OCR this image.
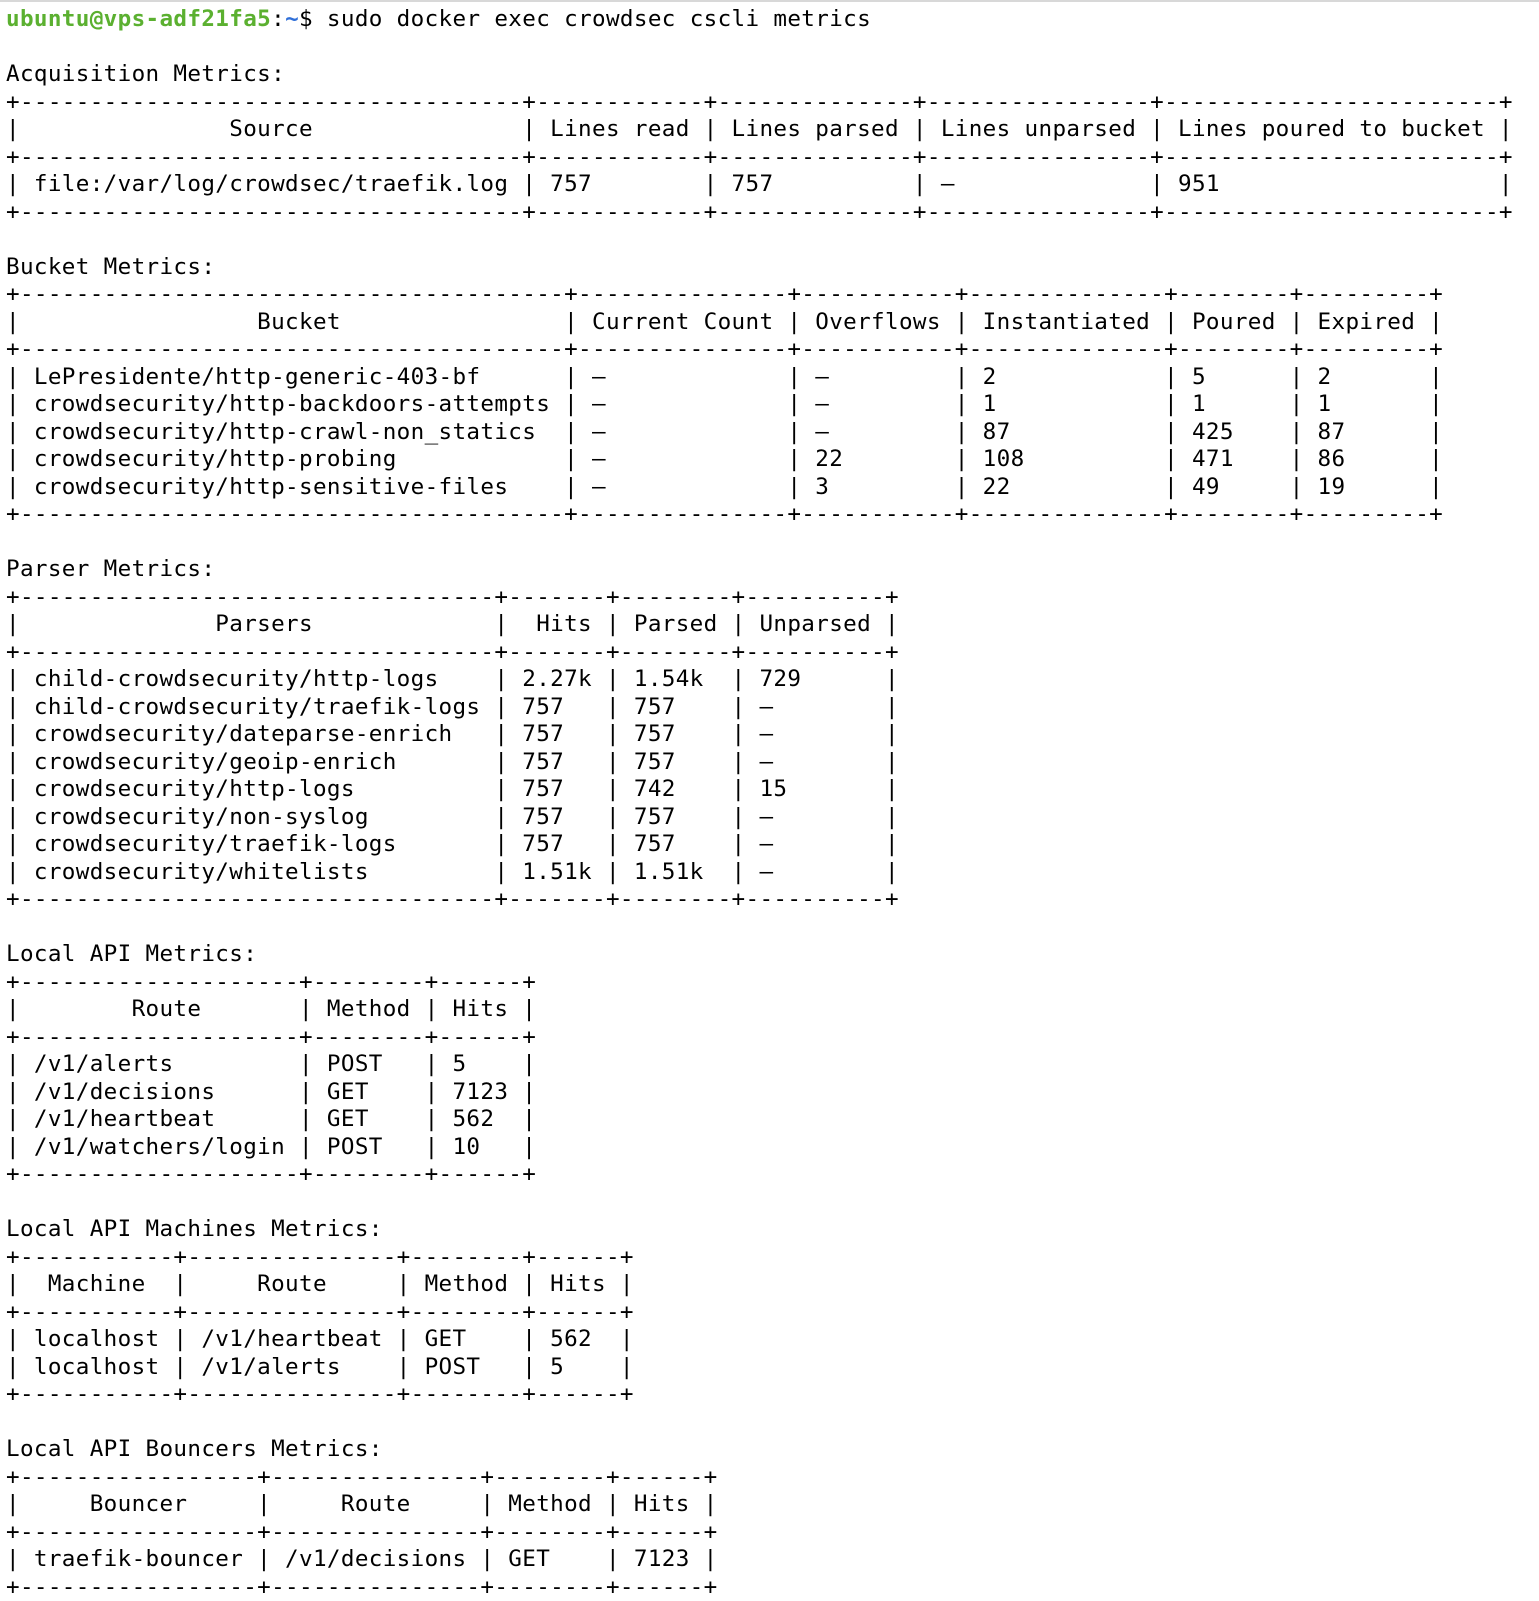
ubuntu@vps-adf21fa5:~$ sudo docker exec crowdsec cscli metrics
Acquisition Metrics:
+------------------------------------+------------+--------------+----------------+------------------------+
|               Source               | Lines read | Lines parsed | Lines unparsed | Lines poured to bucket |
+------------------------------------+------------+--------------+----------------+------------------------+
| file:/var/log/crowdsec/traefik.log | 757        | 757          | –              | 951                    |
+------------------------------------+------------+--------------+----------------+------------------------+
Bucket Metrics:
+---------------------------------------+---------------+-----------+--------------+--------+---------+
|                 Bucket                | Current Count | Overflows | Instantiated | Poured | Expired |
+---------------------------------------+---------------+-----------+--------------+--------+---------+
| LePresidente/http-generic-403-bf      | –             | –         | 2            | 5      | 2       |
| crowdsecurity/http-backdoors-attempts | –             | –         | 1            | 1      | 1       |
| crowdsecurity/http-crawl-non_statics  | –             | –         | 87           | 425    | 87      |
| crowdsecurity/http-probing            | –             | 22        | 108          | 471    | 86      |
| crowdsecurity/http-sensitive-files    | –             | 3         | 22           | 49     | 19      |
+---------------------------------------+---------------+-----------+--------------+--------+---------+
Parser Metrics:
+----------------------------------+-------+--------+----------+
|              Parsers             |  Hits | Parsed | Unparsed |
+----------------------------------+-------+--------+----------+
| child-crowdsecurity/http-logs    | 2.27k | 1.54k  | 729      |
| child-crowdsecurity/traefik-logs | 757   | 757    | –        |
| crowdsecurity/dateparse-enrich   | 757   | 757    | –        |
| crowdsecurity/geoip-enrich       | 757   | 757    | –        |
| crowdsecurity/http-logs          | 757   | 742    | 15       |
| crowdsecurity/non-syslog         | 757   | 757    | –        |
| crowdsecurity/traefik-logs       | 757   | 757    | –        |
| crowdsecurity/whitelists         | 1.51k | 1.51k  | –        |
+----------------------------------+-------+--------+----------+
Local API Metrics:
+--------------------+--------+------+
|        Route       | Method | Hits |
+--------------------+--------+------+
| /v1/alerts         | POST   | 5    |
| /v1/decisions      | GET    | 7123 |
| /v1/heartbeat      | GET    | 562  |
| /v1/watchers/login | POST   | 10   |
+--------------------+--------+------+
Local API Machines Metrics:
+-----------+---------------+--------+------+
|  Machine  |     Route     | Method | Hits |
+-----------+---------------+--------+------+
| localhost | /v1/heartbeat | GET    | 562  |
| localhost | /v1/alerts    | POST   | 5    |
+-----------+---------------+--------+------+
Local API Bouncers Metrics:
+-----------------+---------------+--------+------+
|     Bouncer     |     Route     | Method | Hits |
+-----------------+---------------+--------+------+
| traefik-bouncer | /v1/decisions | GET    | 7123 |
+-----------------+---------------+--------+------+
